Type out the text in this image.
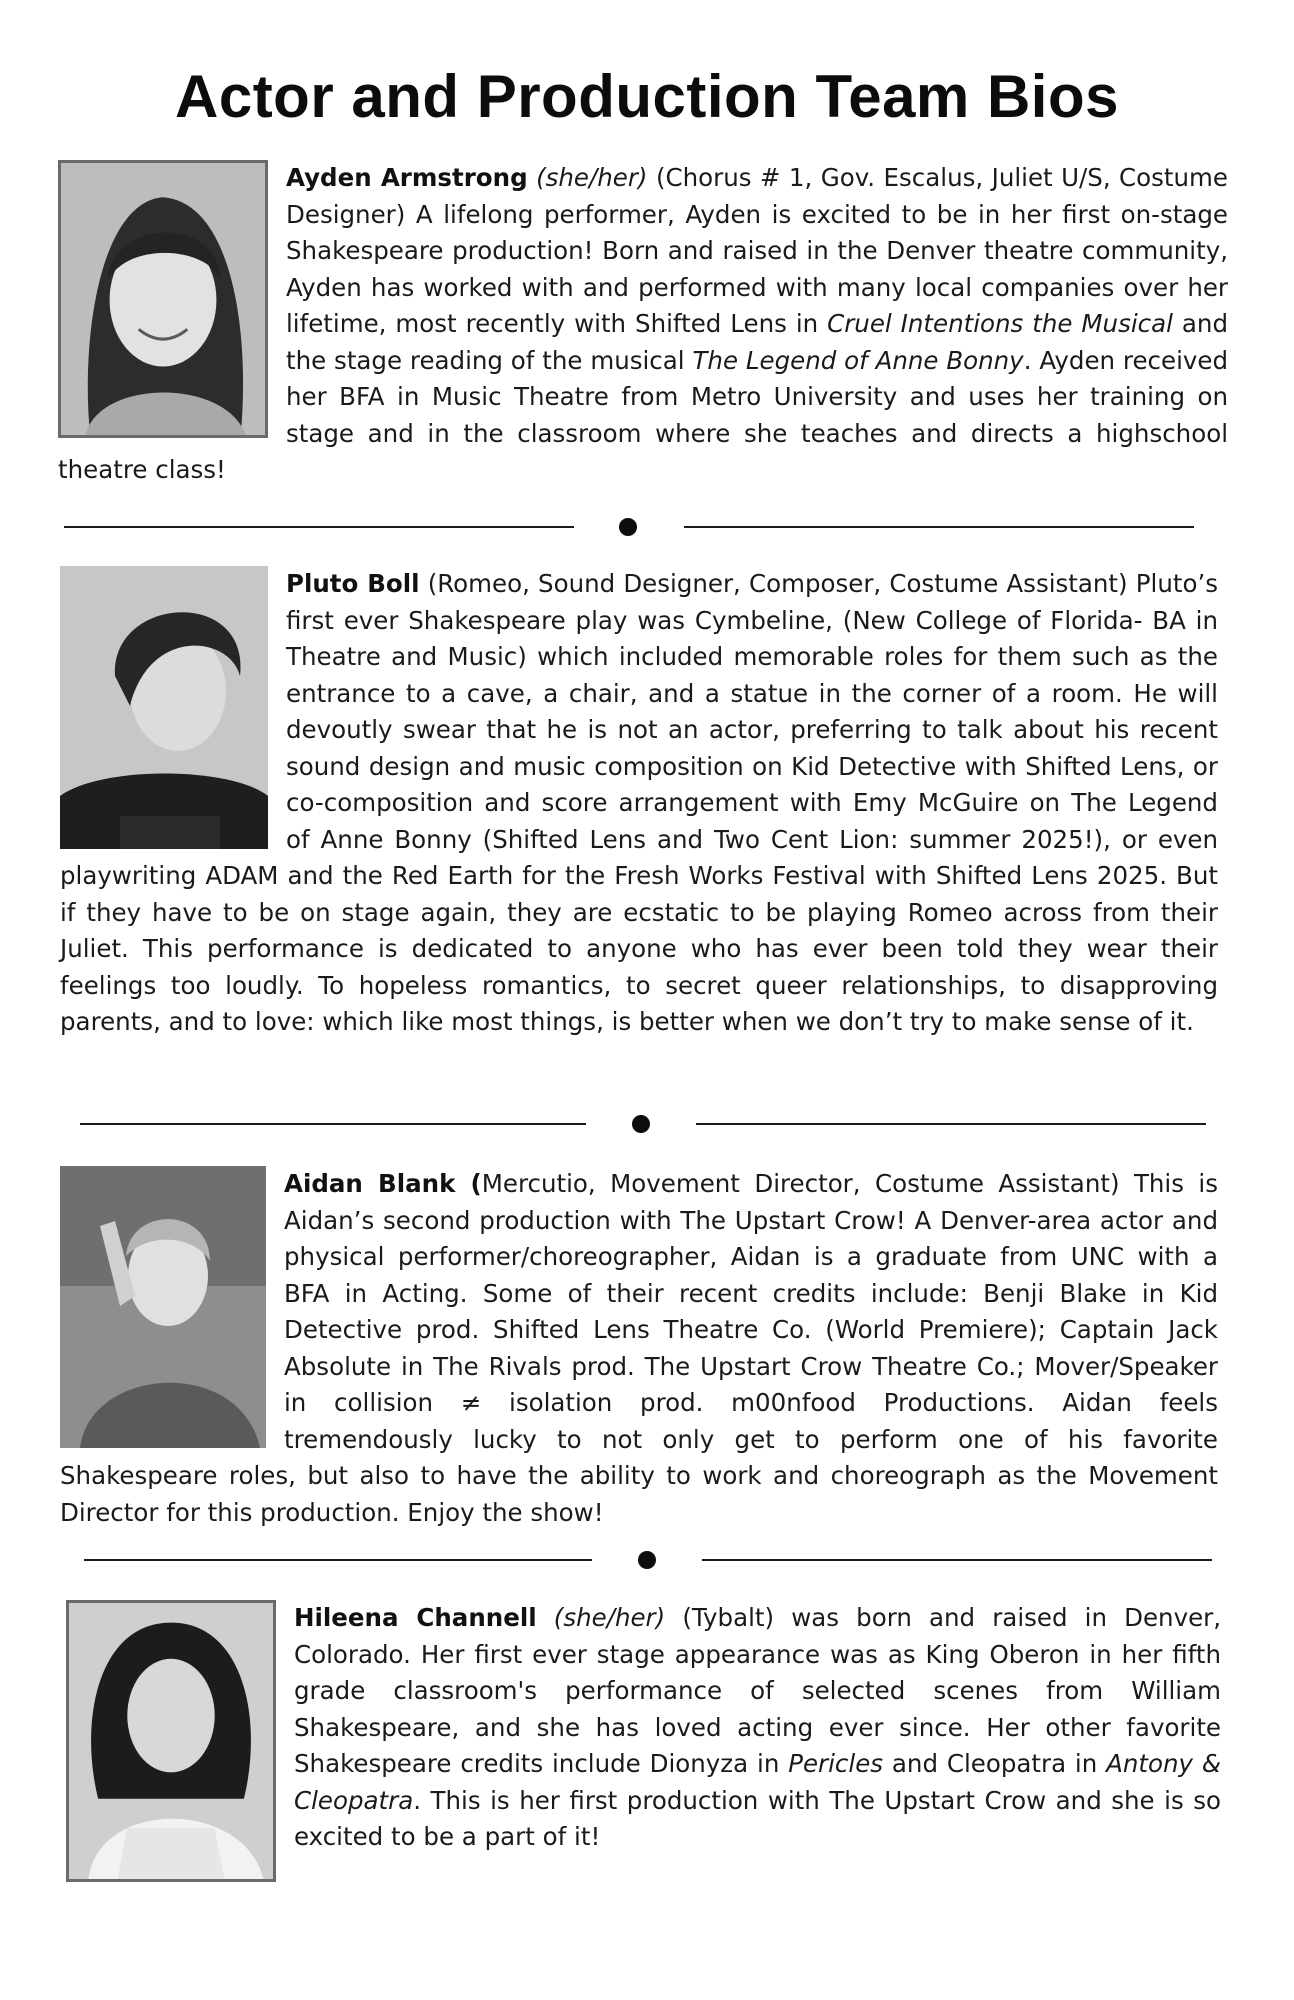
Actor and Production Team Bios

Ayden Armstrong (she/her) (Chorus # 1, Gov. Escalus, Juliet U/S, Costume Designer) A lifelong performer, Ayden is excited to be in her first on-stage Shakespeare production! Born and raised in the Denver theatre community, Ayden has worked with and performed with many local companies over her lifetime, most recently with Shifted Lens in Cruel Intentions the Musical and the stage reading of the musical The Legend of Anne Bonny. Ayden received her BFA in Music Theatre from Metro University and uses her training on stage and in the classroom where she teaches and directs a highschool theatre class!

Pluto Boll (Romeo, Sound Designer, Composer, Costume Assistant) Pluto’s first ever Shakespeare play was Cymbeline, (New College of Florida- BA in Theatre and Music) which included memorable roles for them such as the entrance to a cave, a chair, and a statue in the corner of a room. He will devoutly swear that he is not an actor, preferring to talk about his recent sound design and music composition on Kid Detective with Shifted Lens, or co-composition and score arrangement with Emy McGuire on The Legend of Anne Bonny (Shifted Lens and Two Cent Lion: summer 2025!), or even playwriting ADAM and the Red Earth for the Fresh Works Festival with Shifted Lens 2025. But if they have to be on stage again, they are ecstatic to be playing Romeo across from their Juliet. This performance is dedicated to anyone who has ever been told they wear their feelings too loudly. To hopeless romantics, to secret queer relationships, to disapproving parents, and to love: which like most things, is better when we don’t try to make sense of it.

Aidan Blank (Mercutio, Movement Director, Costume Assistant) This is Aidan’s second production with The Upstart Crow! A Denver-area actor and physical performer/choreographer, Aidan is a graduate from UNC with a BFA in Acting. Some of their recent credits include: Benji Blake in Kid Detective prod. Shifted Lens Theatre Co. (World Premiere); Captain Jack Absolute in The Rivals prod. The Upstart Crow Theatre Co.; Mover/Speaker in collision ≠ isolation prod. m00nfood Productions. Aidan feels tremendously lucky to not only get to perform one of his favorite Shakespeare roles, but also to have the ability to work and choreograph as the Movement Director for this production. Enjoy the show!

Hileena Channell (she/her) (Tybalt) was born and raised in Denver, Colorado. Her first ever stage appearance was as King Oberon in her fifth grade classroom's performance of selected scenes from William Shakespeare, and she has loved acting ever since. Her other favorite Shakespeare credits include Dionyza in Pericles and Cleopatra in Antony & Cleopatra. This is her first production with The Upstart Crow and she is so excited to be a part of it!
